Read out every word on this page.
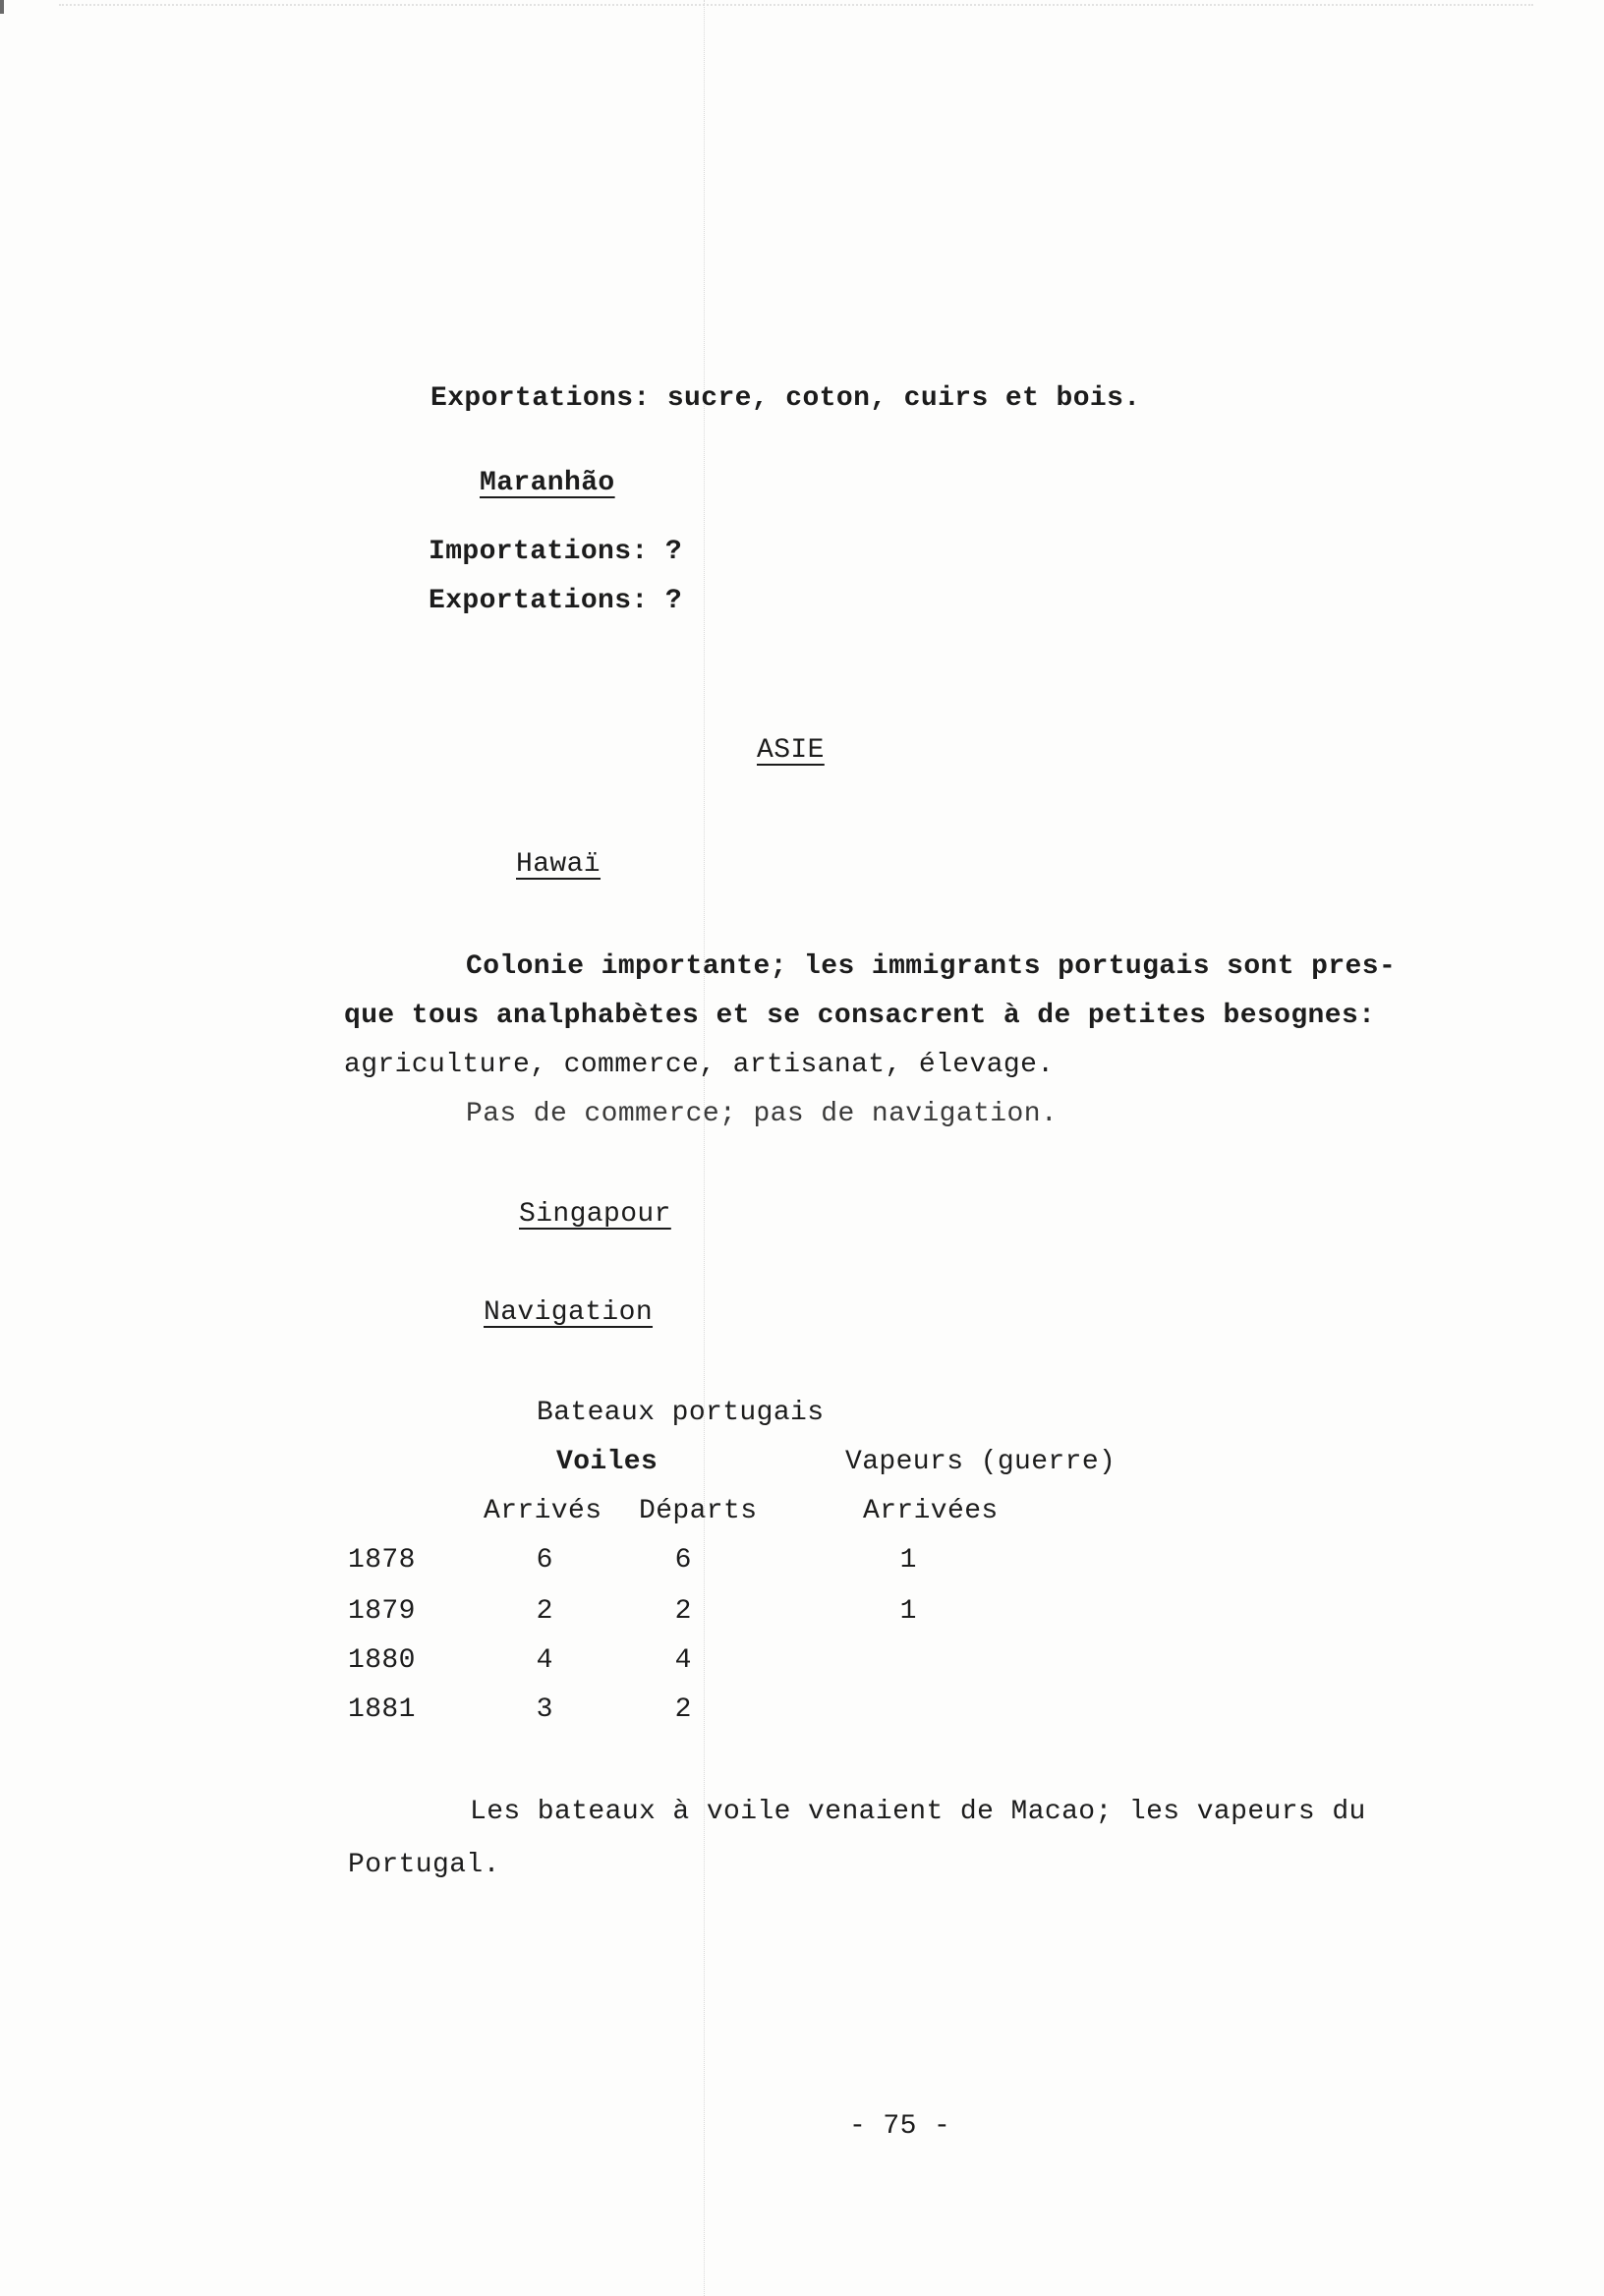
Exportations: sucre, coton, cuirs et bois.
Maranhão
Importations: ?
Exportations: ?
ASIE
Hawaï
Colonie importante; les immigrants portugais sont pres-
que tous analphabètes et se consacrent à de petites besognes:
agriculture, commerce, artisanat, élevage.
Pas de commerce; pas de navigation.
Singapour
Navigation
Bateaux portugais
Voiles	Vapeurs (guerre)
Arrivés Départs	Arrivées
1878	6	6	1
1879	2	2	1
1880	4	4
1881	3	2
Les bateaux à voile venaient de Macao; les vapeurs du
Portugal.
- 75 -
